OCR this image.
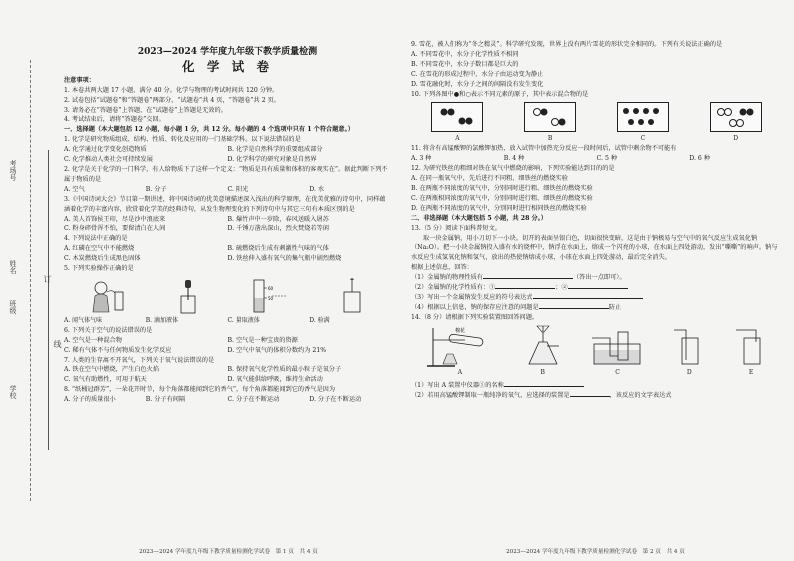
考场号
姓名
班级
学校
订
线
2023—2024 学年度九年级下教学质量检测
化 学 试 卷
注意事项：
1. 本卷共两大题 17 小题，满分 40 分。化学与物理的考试时间共 120 分钟。
2. 试卷包括“试题卷”和“答题卷”两部分，“试题卷”共 4 页，“答题卷”共 2 页。
3. 请务必在“答题卷”上答题，在“试题卷”上答题是无效的。
4. 考试结束后，请将“答题卷”交回。
一、选择题（本大题包括 12 小题，每小题 1 分，共 12 分。每小题的 4 个选项中只有 1 个符合题意。）
1. 化学是研究物质组成、结构、性质、转化及应用的一门基础学科。以下说法错误的是
A. 化学通过化学变化创造物质	B. 化学是自然科学的重要组成部分
C. 化学推动人类社会可持续发展	D. 化学科学的研究对象是自然界
2. 化学是关于化学的一门科学，有人给物质下了这样一个定义：“物质是具有质量和体积的客观实在”。据此判断下列不属于物质的是
A. 空气	B. 分子	C. 阳光	D. 水
3.《中国诗词大会》节目第一期讲述，将中国诗词的优美意境描述深入浅出的科学原理，在优美优雅的诗句中，同样蕴涵着化学的丰富内容，欣赏着化学美的经典诗句，从发生物理变化的下列诗句中与其它三句有本质区别的是
A. 美人首饰侯王印，尽是沙中浪底来	B. 爆竹声中一岁除，春风送暖入屠苏
C. 粉身碎骨浑不怕，要留清白在人间	D. 千锤万凿出深山，烈火焚烧若等闲
4. 下列说法中正确的是
A. 红磷在空气中不能燃烧	B. 硫燃烧后生成有刺激性气味的气体
C. 木炭燃烧后生成黑色固体	D. 铁丝伸入盛有氧气的集气瓶中剧烈燃烧
5. 下列实验操作正确的是
60
50
A. 闻气体气味	B. 滴加液体	C. 量取液体	D. 验满
6. 下列关于空气的说法错误的是
A. 空气是一种混合物	B. 空气是一种宝贵的资源
C. 稀有气体不与任何物质发生化学反应	D. 空气中氧气的体积分数约为 21%
7. 人类的生存离不开氧气，下列关于氧气说法错误的是
A. 铁在空气中燃烧，产生白色火焰	B. 保持氧气化学性质的最小粒子是氧分子
C. 氧气有助燃性，可用于航天	D. 氧气能供给呼吸，维持生命活动
8. “纸桶冠群芳”，一朵花开时节，每个角落都能闻到它的香气”，每个角落都能闻到它的香气是因为
A. 分子的质量很小	B. 分子有间隔	C. 分子在不断运动	D. 分子在不断运动
2023—2024 学年度九年级下教学质量检测化学试卷　第 1 页　共 4 页
9. 雪花，被人们称为“冬之精灵”。科学研究发现，世界上没有两片雪花的形状完全相同的。下列有关说法正确的是
A. 不同雪花中，水分子化学性质不相同
B. 不同雪花中，水分子数目都是巨大的
C. 在雪花的形成过程中，水分子由运动变为静止
D. 雪花融化时，水分子之间的间隔没有发生变化
10. 下列各图中●和○表示不同元素的原子，其中表示混合物的是
A	B	C	D
11. 将含有高锰酸钾的氯酸钾加热，放入试管中加热充分反应一段时间后，试管中剩余物不可能有
A. 3 种	B. 4 种	C. 5 种	D. 6 种
12. 为研究铁丝的粗细对铁在氧气中燃烧的影响，下列实验能达到目的的是
A. 在同一瓶氧气中，先后进行不同粗、细铁丝的燃烧实验
B. 在两瓶不同浓度的氧气中，分别同时进行粗、细铁丝的燃烧实验
C. 在两瓶相同浓度的氧气中，分别同时进行粗、细铁丝的燃烧实验
D. 在两瓶不同浓度的氧气中，分别同时进行相同铁丝的燃烧实验
二、非选择题（本大题包括 5 小题，共 28 分。）
13.（5 分）阅读下面科普短文。
取一块金属钠，用小刀切下一小块。切开的表面呈银白色，切面很快变暗，这是由于钠极易与空气中的氧气反应生成氧化钠（Na₂O）。把一小块金属钠投入盛有水的烧杯中，钠浮在水面上，熔成一个闪亮的小球，在水面上四处游动，发出“嘶嘶”的响声。钠与水反应生成氢氧化钠和氢气，放出的热使钠熔成小球，小球在水面上四处游动，最后完全消失。
根据上述信息，回答：
（1）金属钠的物理性质有	（答出一点即可）。
（2）金属钠的化学性质有：①	；②
（3）写出一个金属钠发生反应的符号表达式
（4）根据以上信息，钠的保存应注意的问题是	防止
14.（8 分）请根据下列实验装置图回答问题。
棉花
A	B	C	D	E
（1）写出 A 装置中仪器①的名称
（2）若用高锰酸钾制取一瓶纯净的氧气，应选择的装置是	，该反应的文字表达式
2023—2024 学年度九年级下教学质量检测化学试卷　第 2 页　共 4 页
